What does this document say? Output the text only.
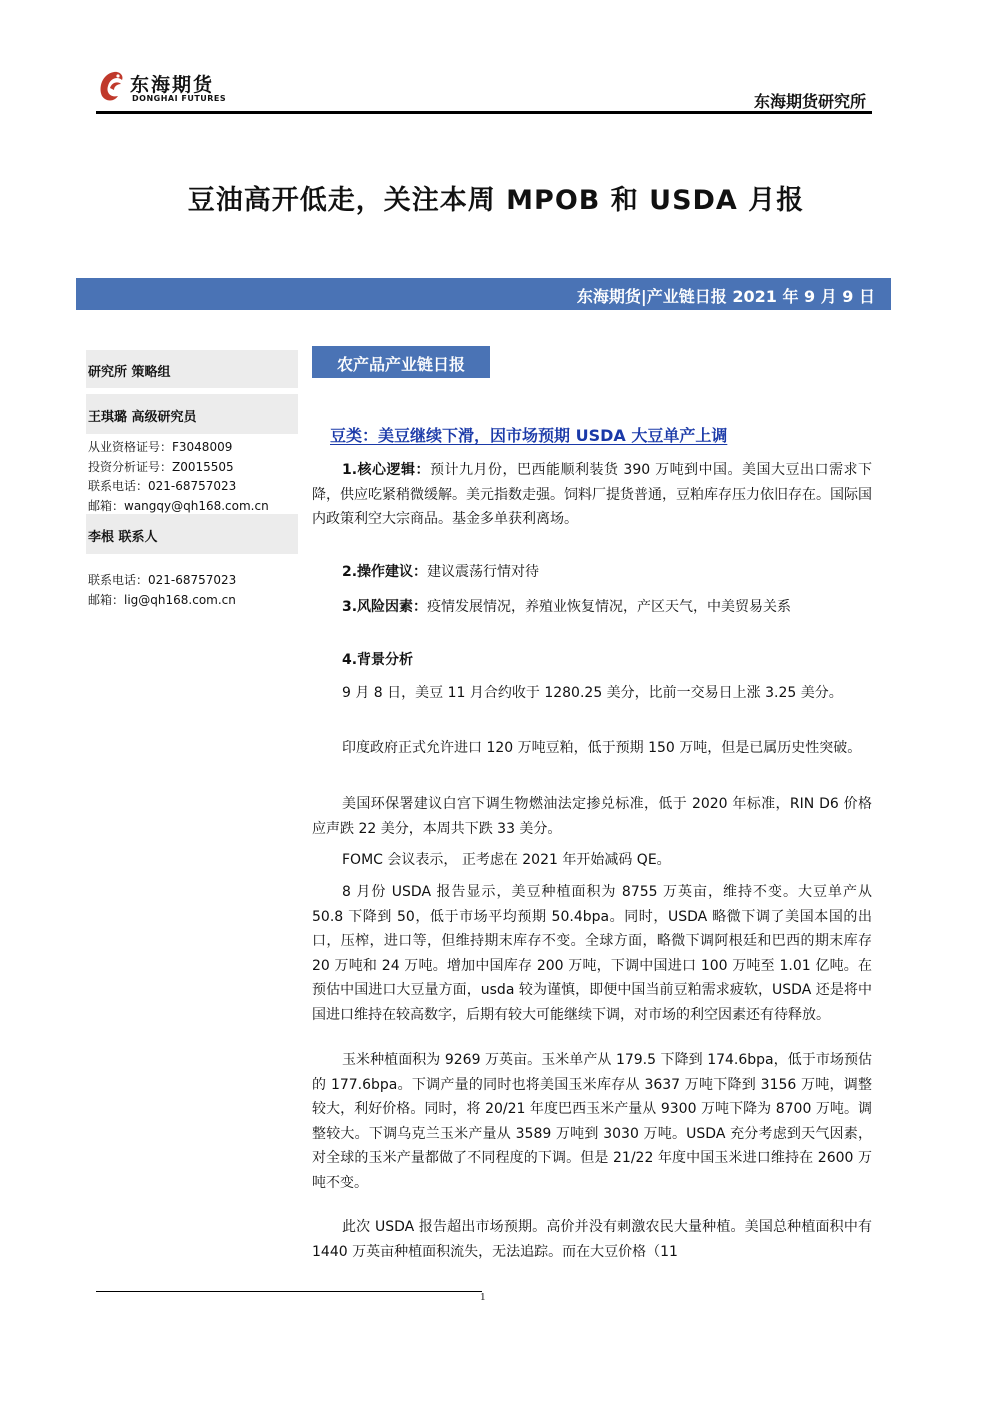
东海期货
DONGHAI FUTURES	东海期货研究所
豆油高开低走，关注本周 MPOB 和 USDA 月报
东海期货|产业链日报 2021 年 9 月 9 日
研究所 策略组
王琪璐 高级研究员
从业资格证号：F3048009
投资分析证号：Z0015505
联系电话：021-68757023
邮箱：wangqy@qh168.com.cn
李根 联系人
联系电话：021-68757023
邮箱：lig@qh168.com.cn
农产品产业链日报
豆类：美豆继续下滑，因市场预期 USDA 大豆单产上调
1.核心逻辑：预计九月份，巴西能顺利装货 390 万吨到中国。美国大豆出口需求下降，供应吃紧稍微缓解。美元指数走强。饲料厂提货普通，豆粕库存压力依旧存在。国际国内政策利空大宗商品。基金多单获利离场。
2.操作建议：建议震荡行情对待
3.风险因素：疫情发展情况，养殖业恢复情况，产区天气，中美贸易关系
4.背景分析
9 月 8 日，美豆 11 月合约收于 1280.25 美分，比前一交易日上涨 3.25 美分。
印度政府正式允许进口 120 万吨豆粕，低于预期 150 万吨，但是已属历史性突破。
美国环保署建议白宫下调生物燃油法定掺兑标准，低于 2020 年标准，RIN D6 价格应声跌 22 美分，本周共下跌 33 美分。
FOMC 会议表示， 正考虑在 2021 年开始减码 QE。
8 月份 USDA 报告显示，美豆种植面积为 8755 万英亩，维持不变。大豆单产从 50.8 下降到 50，低于市场平均预期 50.4bpa。同时，USDA 略微下调了美国本国的出口，压榨，进口等，但维持期末库存不变。全球方面，略微下调阿根廷和巴西的期末库存 20 万吨和 24 万吨。增加中国库存 200 万吨，下调中国进口 100 万吨至 1.01 亿吨。在预估中国进口大豆量方面，usda 较为谨慎，即便中国当前豆粕需求疲软，USDA 还是将中国进口维持在较高数字，后期有较大可能继续下调，对市场的利空因素还有待释放。
玉米种植面积为 9269 万英亩。玉米单产从 179.5 下降到 174.6bpa，低于市场预估的 177.6bpa。下调产量的同时也将美国玉米库存从 3637 万吨下降到 3156 万吨，调整较大，利好价格。同时，将 20/21 年度巴西玉米产量从 9300 万吨下降为 8700 万吨。调整较大。下调乌克兰玉米产量从 3589 万吨到 3030 万吨。USDA 充分考虑到天气因素，对全球的玉米产量都做了不同程度的下调。但是 21/22 年度中国玉米进口维持在 2600 万吨不变。
此次 USDA 报告超出市场预期。高价并没有刺激农民大量种植。美国总种植面积中有 1440 万英亩种植面积流失，无法追踪。而在大豆价格（11
1
